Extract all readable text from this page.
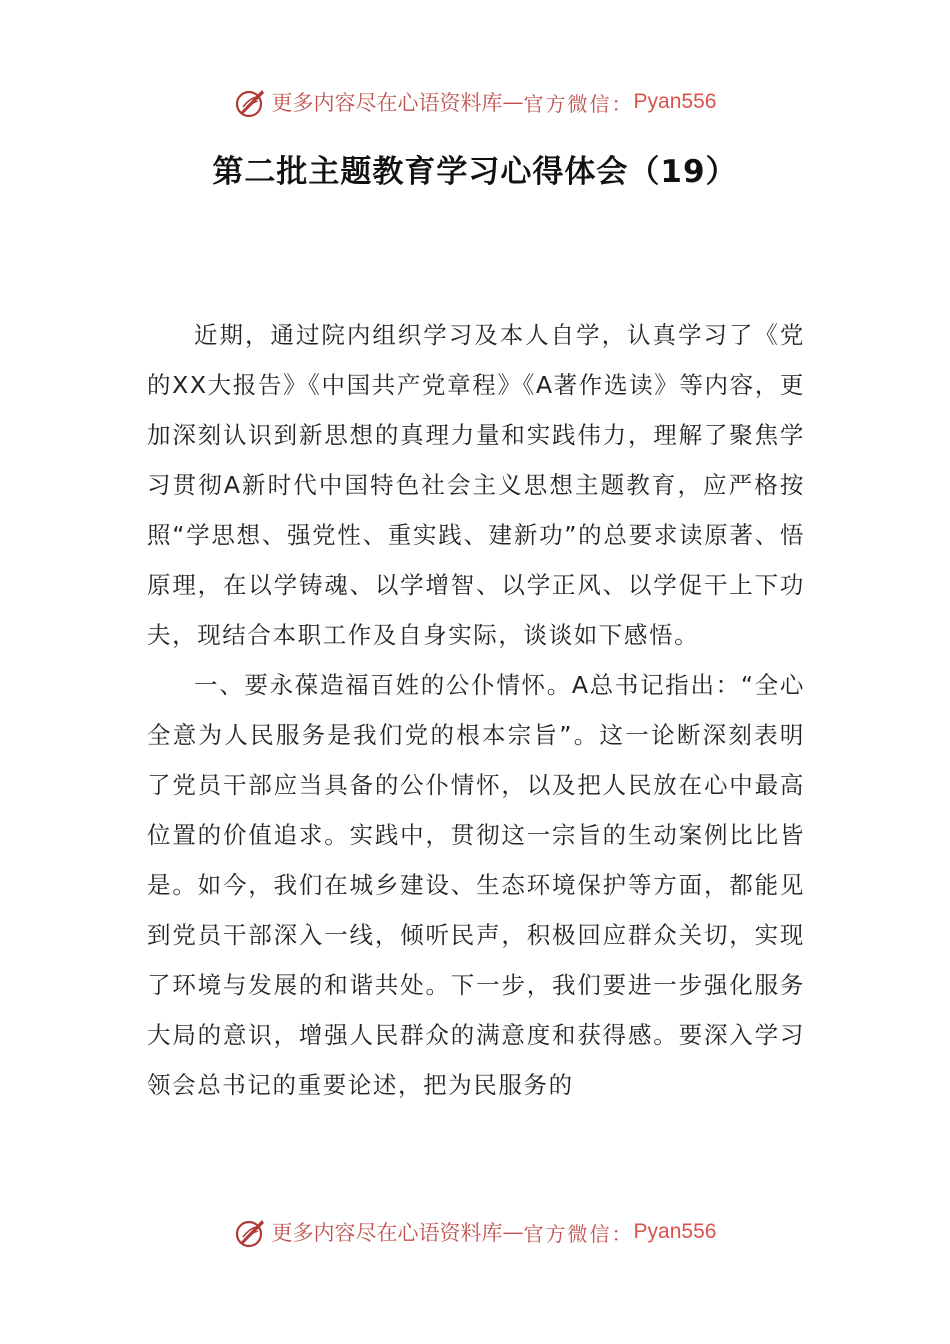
更多内容尽在心语资料库 — 官方微信： Pyan556
第二批主题教育学习心得体会（19）

近期，通过院内组织学习及本人自学，认真学习了《党的XX大报告》《中国共产党章程》《A著作选读》等内容，更加深刻认识到新思想的真理力量和实践伟力，理解了聚焦学习贯彻A新时代中国特色社会主义思想主题教育，应严格按照“学思想、强党性、重实践、建新功”的总要求读原著、悟原理，在以学铸魂、以学增智、以学正风、以学促干上下功夫，现结合本职工作及自身实际，谈谈如下感悟。

一、要永葆造福百姓的公仆情怀。A总书记指出：“全心全意为人民服务是我们党的根本宗旨”。这一论断深刻表明了党员干部应当具备的公仆情怀，以及把人民放在心中最高位置的价值追求。实践中，贯彻这一宗旨的生动案例比比皆是。如今，我们在城乡建设、生态环境保护等方面，都能见到党员干部深入一线，倾听民声，积极回应群众关切，实现了环境与发展的和谐共处。下一步，我们要进一步强化服务大局的意识，增强人民群众的满意度和获得感。要深入学习领会总书记的重要论述，把为民服务的

更多内容尽在心语资料库 — 官方微信： Pyan556
